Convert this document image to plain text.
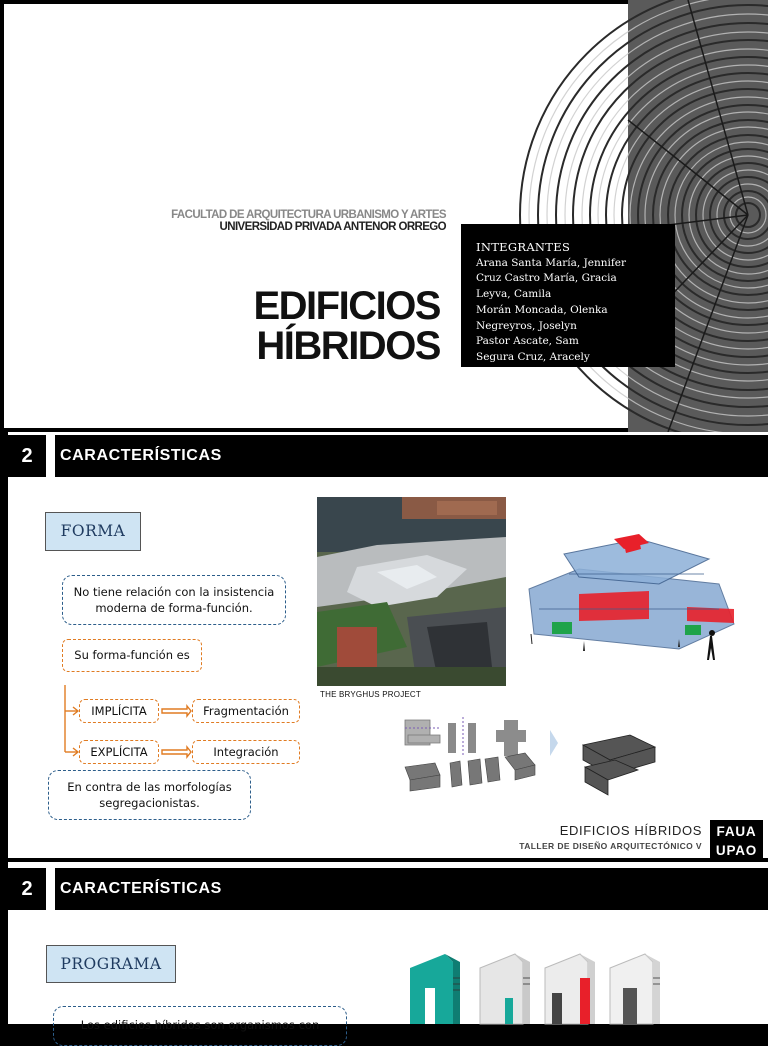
FACULTAD DE ARQUITECTURA URBANISMO Y ARTES
UNIVERSIDAD PRIVADA ANTENOR ORREGO
EDIFICIOS
HÍBRIDOS
INTEGRANTES
Arana Santa María, Jennifer
Cruz Castro María, Gracia
Leyva, Camila
Morán Moncada, Olenka
Negreyros, Joselyn
Pastor Ascate, Sam
Segura Cruz, Aracely
2	CARACTERÍSTICAS
FORMA
No tiene relación con la insistencia moderna de forma-función.
Su forma-función es
IMPLÍCITA	Fragmentación
EXPLÍCITA	Integración
En contra de las morfologías segregacionistas.
THE BRYGHUS PROJECT
EDIFICIOS HÍBRIDOS
TALLER DE DISEÑO ARQUITECTÓNICO V
FAUA
UPAO
2	CARACTERÍSTICAS
PROGRAMA
Los edificios híbridos son organismos con
